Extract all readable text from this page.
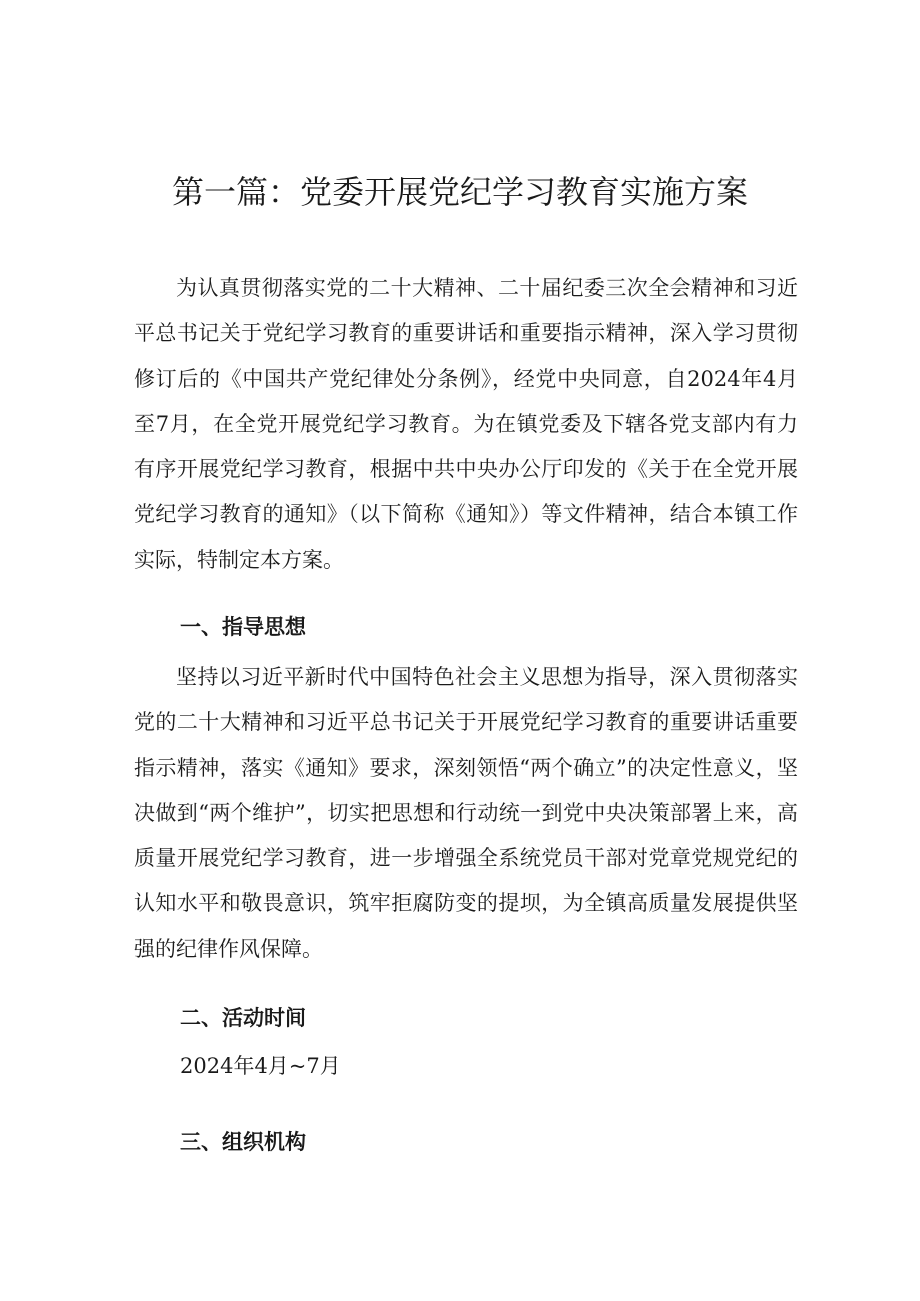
第一篇：党委开展党纪学习教育实施方案

为认真贯彻落实党的二十大精神、二十届纪委三次全会精神和习近平总书记关于党纪学习教育的重要讲话和重要指示精神，深入学习贯彻修订后的《中国共产党纪律处分条例》，经党中央同意，自2024年4月至7月，在全党开展党纪学习教育。为在镇党委及下辖各党支部内有力有序开展党纪学习教育，根据中共中央办公厅印发的《关于在全党开展党纪学习教育的通知》（以下简称《通知》）等文件精神，结合本镇工作实际，特制定本方案。

一、指导思想

坚持以习近平新时代中国特色社会主义思想为指导，深入贯彻落实党的二十大精神和习近平总书记关于开展党纪学习教育的重要讲话重要指示精神，落实《通知》要求，深刻领悟“两个确立”的决定性意义，坚决做到“两个维护”，切实把思想和行动统一到党中央决策部署上来，高质量开展党纪学习教育，进一步增强全系统党员干部对党章党规党纪的认知水平和敬畏意识，筑牢拒腐防变的提坝，为全镇高质量发展提供坚强的纪律作风保障。

二、活动时间

2024年4月~7月

三、组织机构
